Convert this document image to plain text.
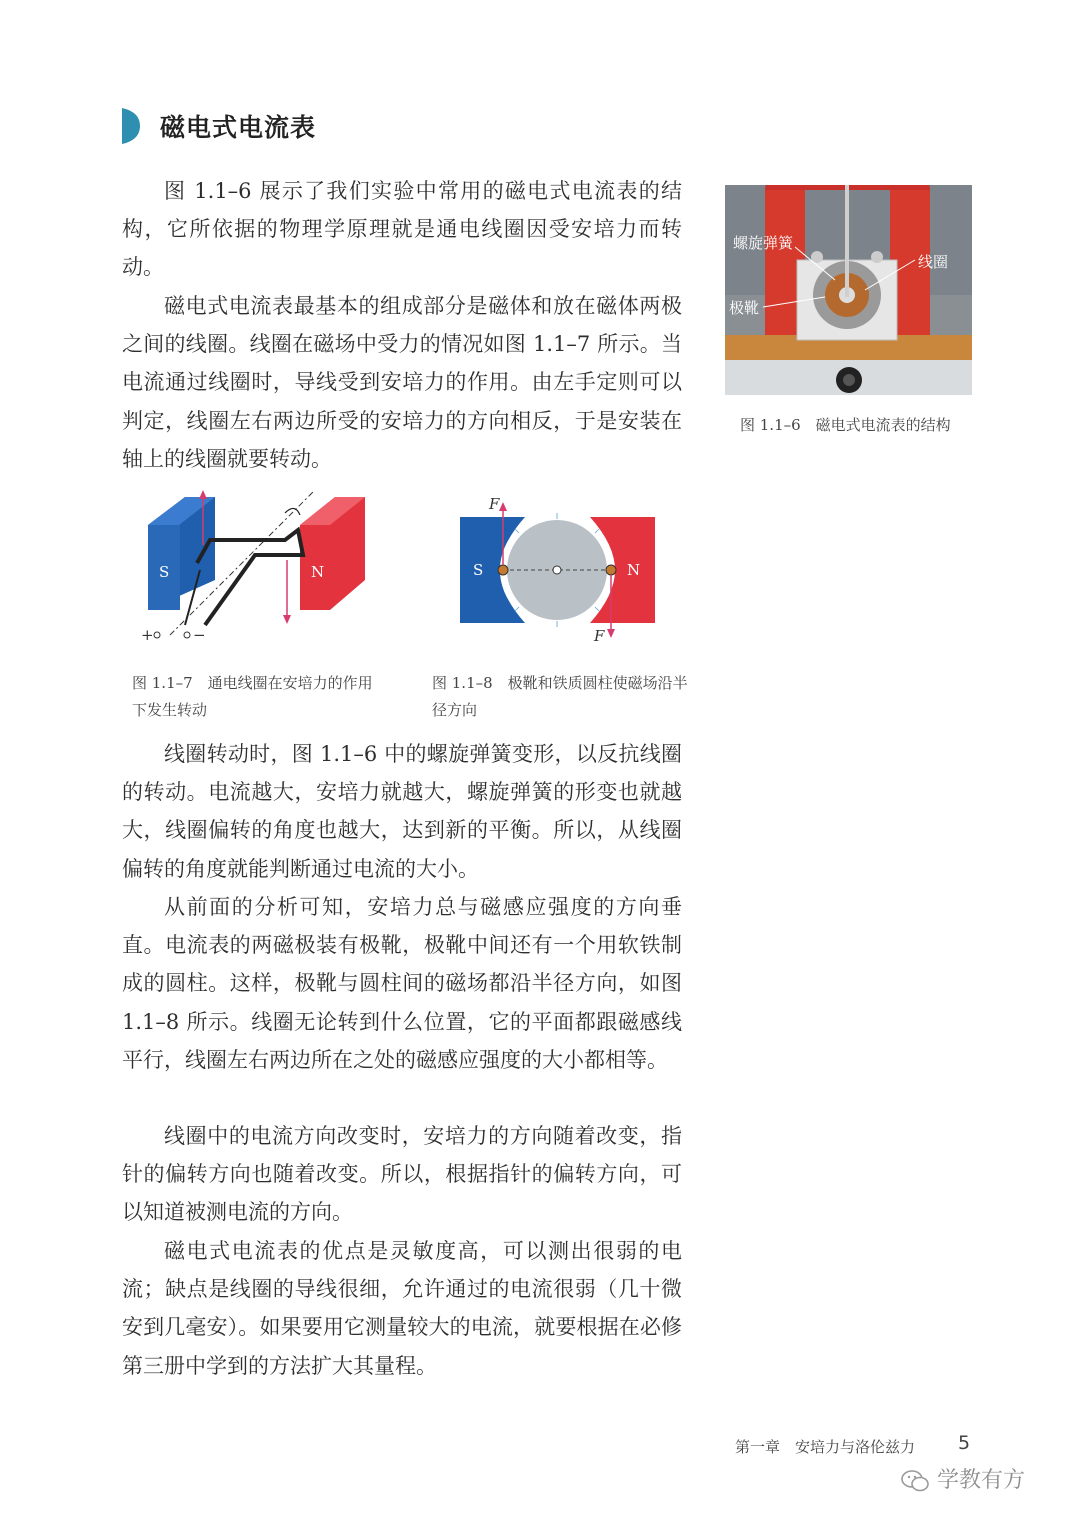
磁电式电流表

图 1.1–6 展示了我们实验中常用的磁电式电流表的结构，它所依据的物理学原理就是通电线圈因受安培力而转动。

磁电式电流表最基本的组成部分是磁体和放在磁体两极之间的线圈。线圈在磁场中受力的情况如图 1.1–7 所示。当电流通过线圈时，导线受到安培力的作用。由左手定则可以判定，线圈左右两边所受的安培力的方向相反，于是安装在轴上的线圈就要转动。

线圈转动时，图 1.1–6 中的螺旋弹簧变形，以反抗线圈的转动。电流越大，安培力就越大，螺旋弹簧的形变也就越大，线圈偏转的角度也越大，达到新的平衡。所以，从线圈偏转的角度就能判断通过电流的大小。

从前面的分析可知，安培力总与磁感应强度的方向垂直。电流表的两磁极装有极靴，极靴中间还有一个用软铁制成的圆柱。这样，极靴与圆柱间的磁场都沿半径方向，如图 1.1–8 所示。线圈无论转到什么位置，它的平面都跟磁感线平行，线圈左右两边所在之处的磁感应强度的大小都相等。

线圈中的电流方向改变时，安培力的方向随着改变，指针的偏转方向也随着改变。所以，根据指针的偏转方向，可以知道被测电流的方向。

磁电式电流表的优点是灵敏度高，可以测出很弱的电流；缺点是线圈的导线很细，允许通过的电流很弱（几十微安到几毫安）。如果要用它测量较大的电流，就要根据在必修第三册中学到的方法扩大其量程。

螺旋弹簧
线圈
极靴
图 1.1–6　磁电式电流表的结构
S	N
+	−
图 1.1–7　通电线圈在安培力的作用下发生转动
S	N
F
F
图 1.1–8　极靴和铁质圆柱使磁场沿半径方向
第一章　安培力与洛伦兹力 5
学教有方
